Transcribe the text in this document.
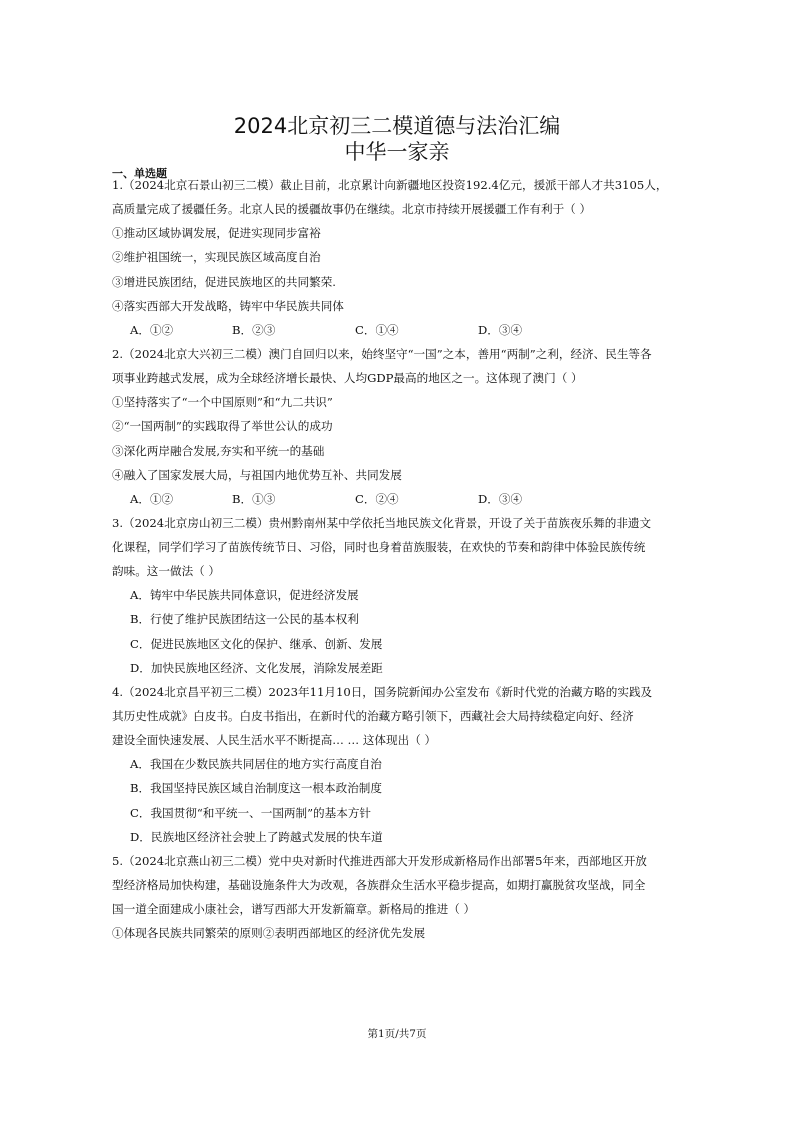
2024北京初三二模道德与法治汇编
中华一家亲
一、单选题
1.（2024北京石景山初三二模）截止目前，北京累计向新疆地区投资192.4亿元，援派干部人才共3105人，
高质量完成了援疆任务。北京人民的援疆故事仍在继续。北京市持续开展援疆工作有利于（ ）
①推动区域协调发展，促进实现同步富裕
②维护祖国统一，实现民族区域高度自治
③增进民族团结，促进民族地区的共同繁荣.
④落实西部大开发战略，铸牢中华民族共同体
A．①②	B．②③	C．①④	D．③④
2.（2024北京大兴初三二模）澳门自回归以来，始终坚守“一国”之本，善用“两制”之利，经济、民生等各
项事业跨越式发展，成为全球经济增长最快、人均GDP最高的地区之一。这体现了澳门（ ）
①坚持落实了“一个中国原则”和“九二共识”
②“一国两制”的实践取得了举世公认的成功
③深化两岸融合发展,夯实和平统一的基础
④融入了国家发展大局，与祖国内地优势互补、共同发展
A．①②	B．①③	C．②④	D．③④
3.（2024北京房山初三二模）贵州黔南州某中学依托当地民族文化背景，开设了关于苗族夜乐舞的非遗文
化课程，同学们学习了苗族传统节日、习俗，同时也身着苗族服装，在欢快的节奏和韵律中体验民族传统
韵味。这一做法（ ）
A．铸牢中华民族共同体意识，促进经济发展
B．行使了维护民族团结这一公民的基本权利
C．促进民族地区文化的保护、继承、创新、发展
D．加快民族地区经济、文化发展，消除发展差距
4.（2024北京昌平初三二模）2023年11月10日，国务院新闻办公室发布《新时代党的治藏方略的实践及
其历史性成就》白皮书。白皮书指出，在新时代的治藏方略引领下，西藏社会大局持续稳定向好、经济
建设全面快速发展、人民生活水平不断提高… … 这体现出（ ）
A．我国在少数民族共同居住的地方实行高度自治
B．我国坚持民族区域自治制度这一根本政治制度
C．我国贯彻“和平统一、一国两制”的基本方针
D．民族地区经济社会驶上了跨越式发展的快车道
5.（2024北京燕山初三二模）党中央对新时代推进西部大开发形成新格局作出部署5年来，西部地区开放
型经济格局加快构建，基础设施条件大为改观，各族群众生活水平稳步提高，如期打赢脱贫攻坚战，同全
国一道全面建成小康社会，谱写西部大开发新篇章。新格局的推进（ ）
①体现各民族共同繁荣的原则②表明西部地区的经济优先发展
第1页/共7页
